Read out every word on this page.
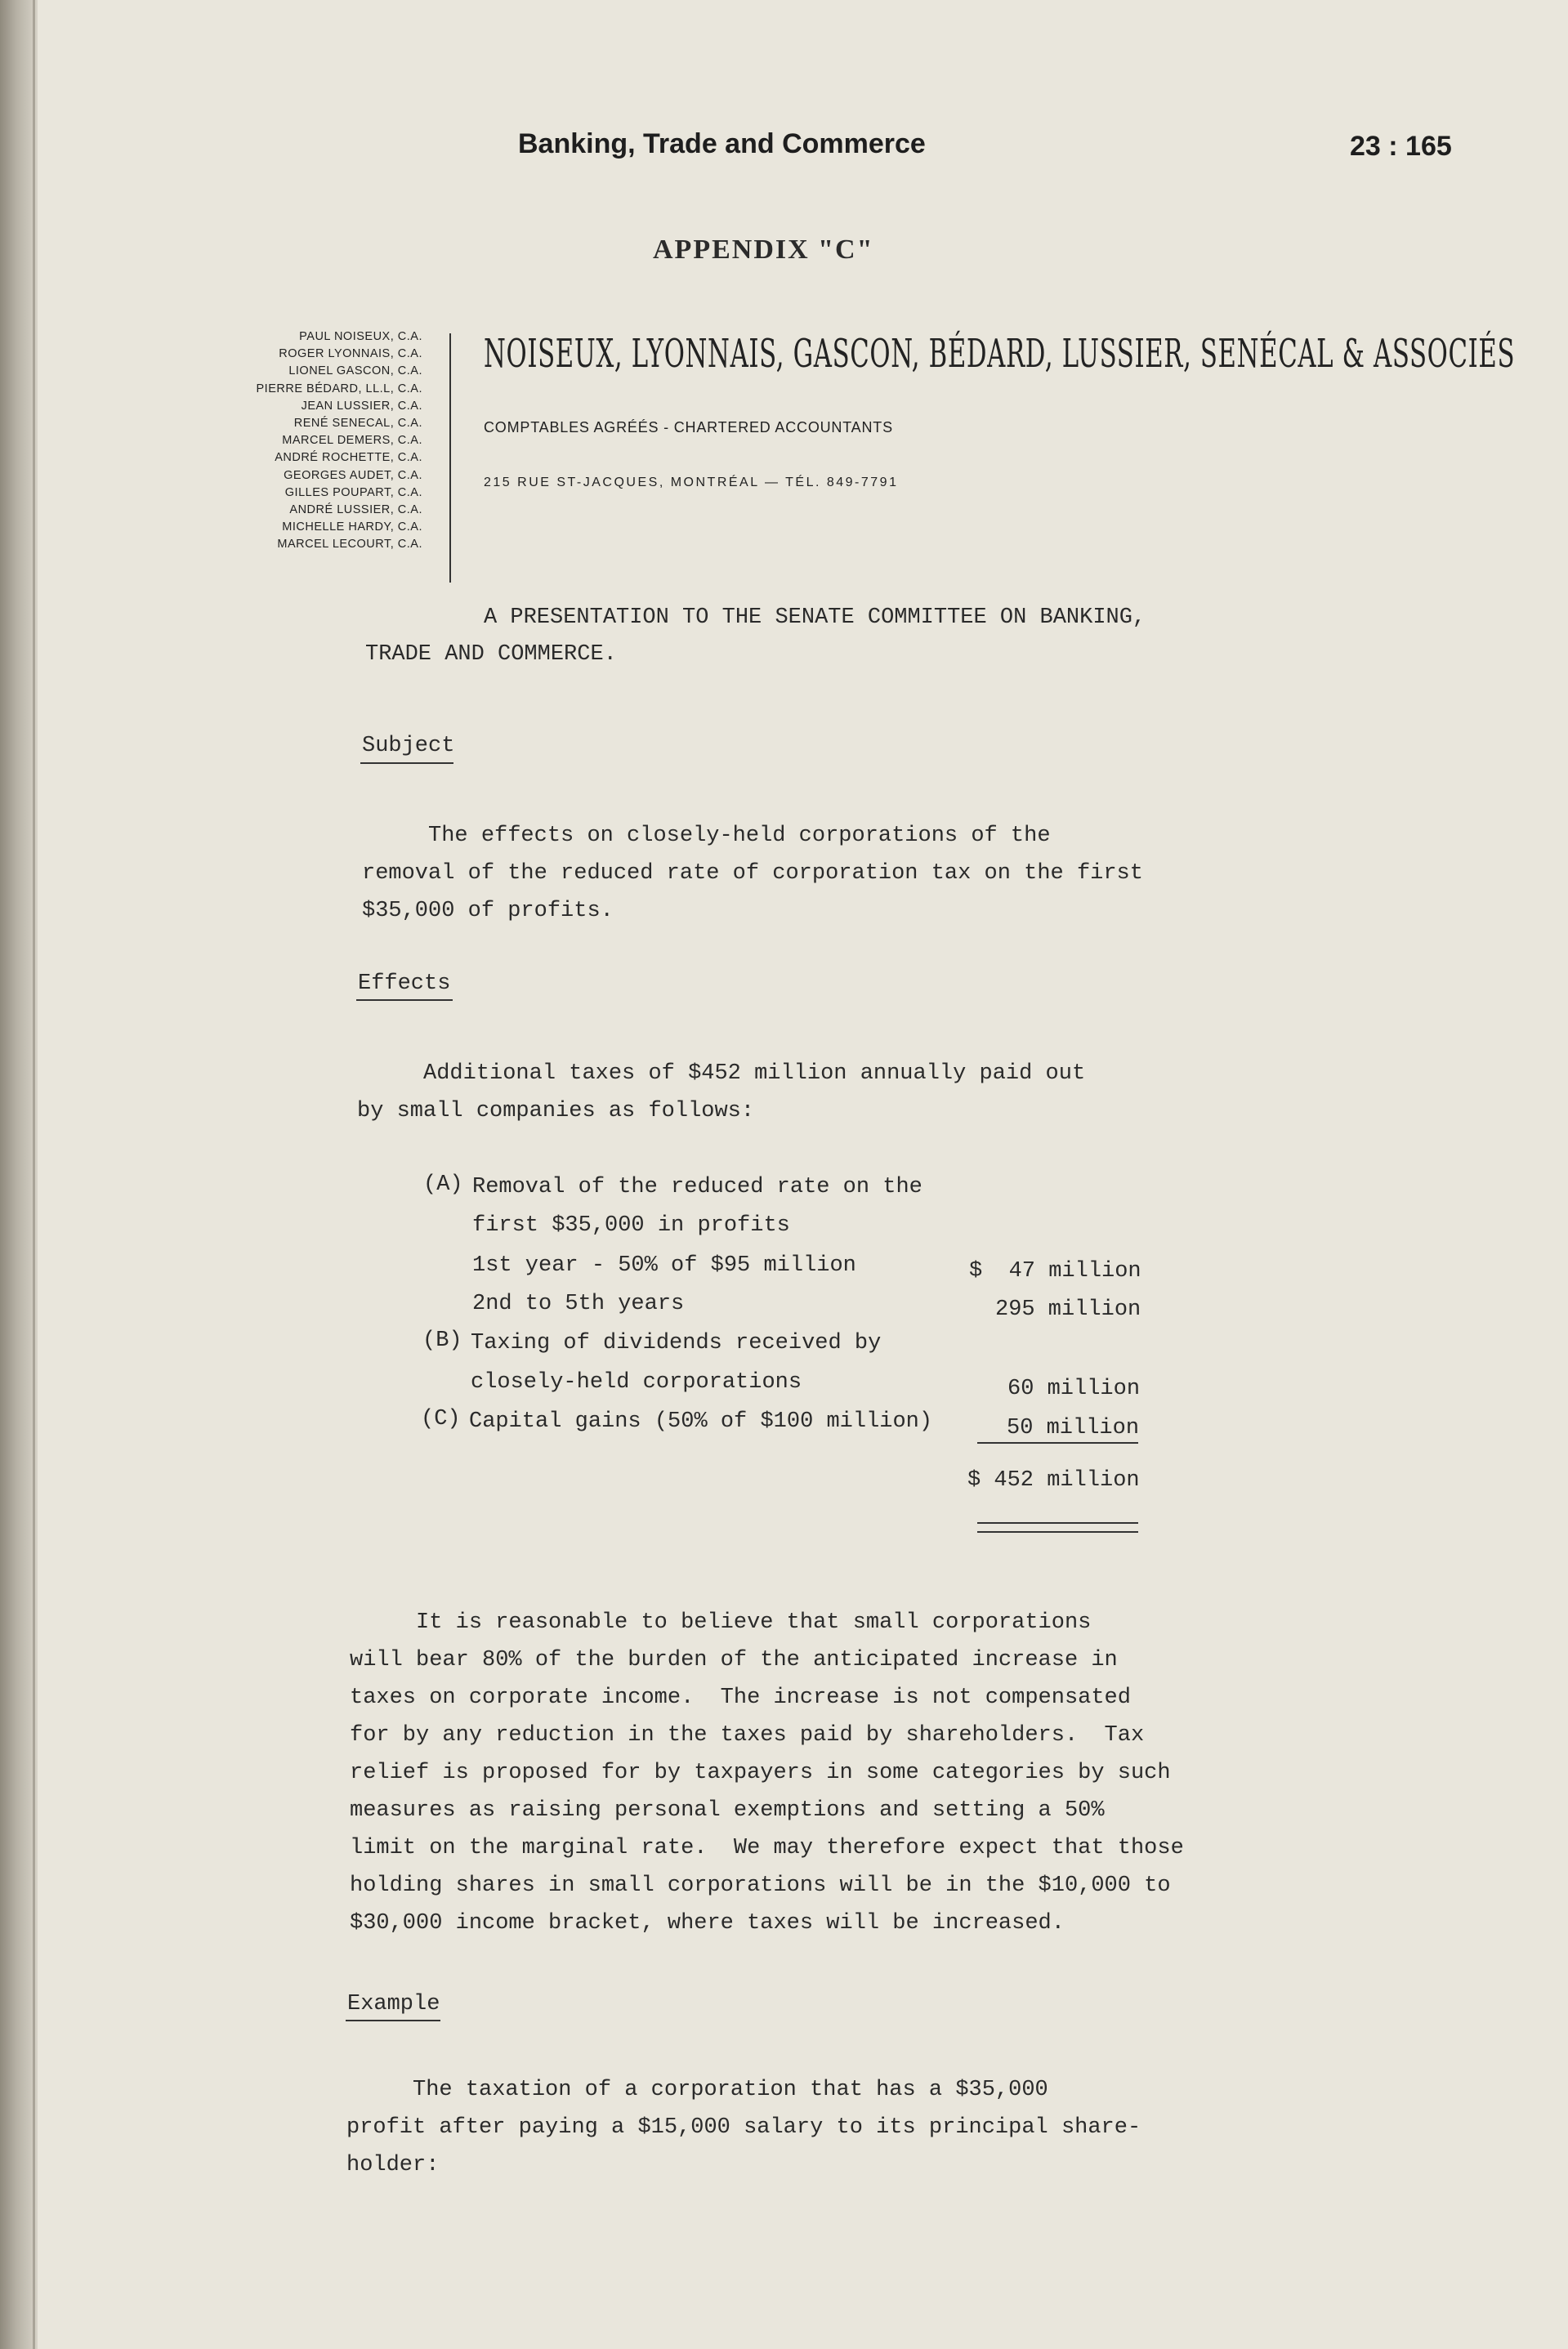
Banking, Trade and Commerce	23 : 165
APPENDIX "C"
PAUL NOISEUX, C.A.
ROGER LYONNAIS, C.A.
LIONEL GASCON, C.A.
PIERRE BÉDARD, LL.L, C.A.
JEAN LUSSIER, C.A.
RENÉ SENECAL, C.A.
MARCEL DEMERS, C.A.
ANDRÉ ROCHETTE, C.A.
GEORGES AUDET, C.A.
GILLES POUPART, C.A.
ANDRÉ LUSSIER, C.A.
MICHELLE HARDY, C.A.
MARCEL LECOURT, C.A.
NOISEUX, LYONNAIS, GASCON, BÉDARD, LUSSIER, SENÉCAL & ASSOCIÉS
COMPTABLES AGRÉÉS - CHARTERED ACCOUNTANTS
215 RUE ST-JACQUES, MONTRÉAL — TÉL. 849-7791
A PRESENTATION TO THE SENATE COMMITTEE ON BANKING,
TRADE AND COMMERCE.
Subject
The effects on closely-held corporations of the
removal of the reduced rate of corporation tax on the first
$35,000 of profits.
Effects
Additional taxes of $452 million annually paid out
by small companies as follows:
(A) Removal of the reduced rate on the
first $35,000 in profits
1st year - 50% of $95 million	$  47 million
2nd to 5th years	295 million
(B) Taxing of dividends received by
closely-held corporations	60 million
(C) Capital gains (50% of $100 million)	50 million
$ 452 million
It is reasonable to believe that small corporations
will bear 80% of the burden of the anticipated increase in
taxes on corporate income.  The increase is not compensated
for by any reduction in the taxes paid by shareholders.  Tax
relief is proposed for by taxpayers in some categories by such
measures as raising personal exemptions and setting a 50%
limit on the marginal rate.  We may therefore expect that those
holding shares in small corporations will be in the $10,000 to
$30,000 income bracket, where taxes will be increased.
Example
The taxation of a corporation that has a $35,000
profit after paying a $15,000 salary to its principal share-
holder:
